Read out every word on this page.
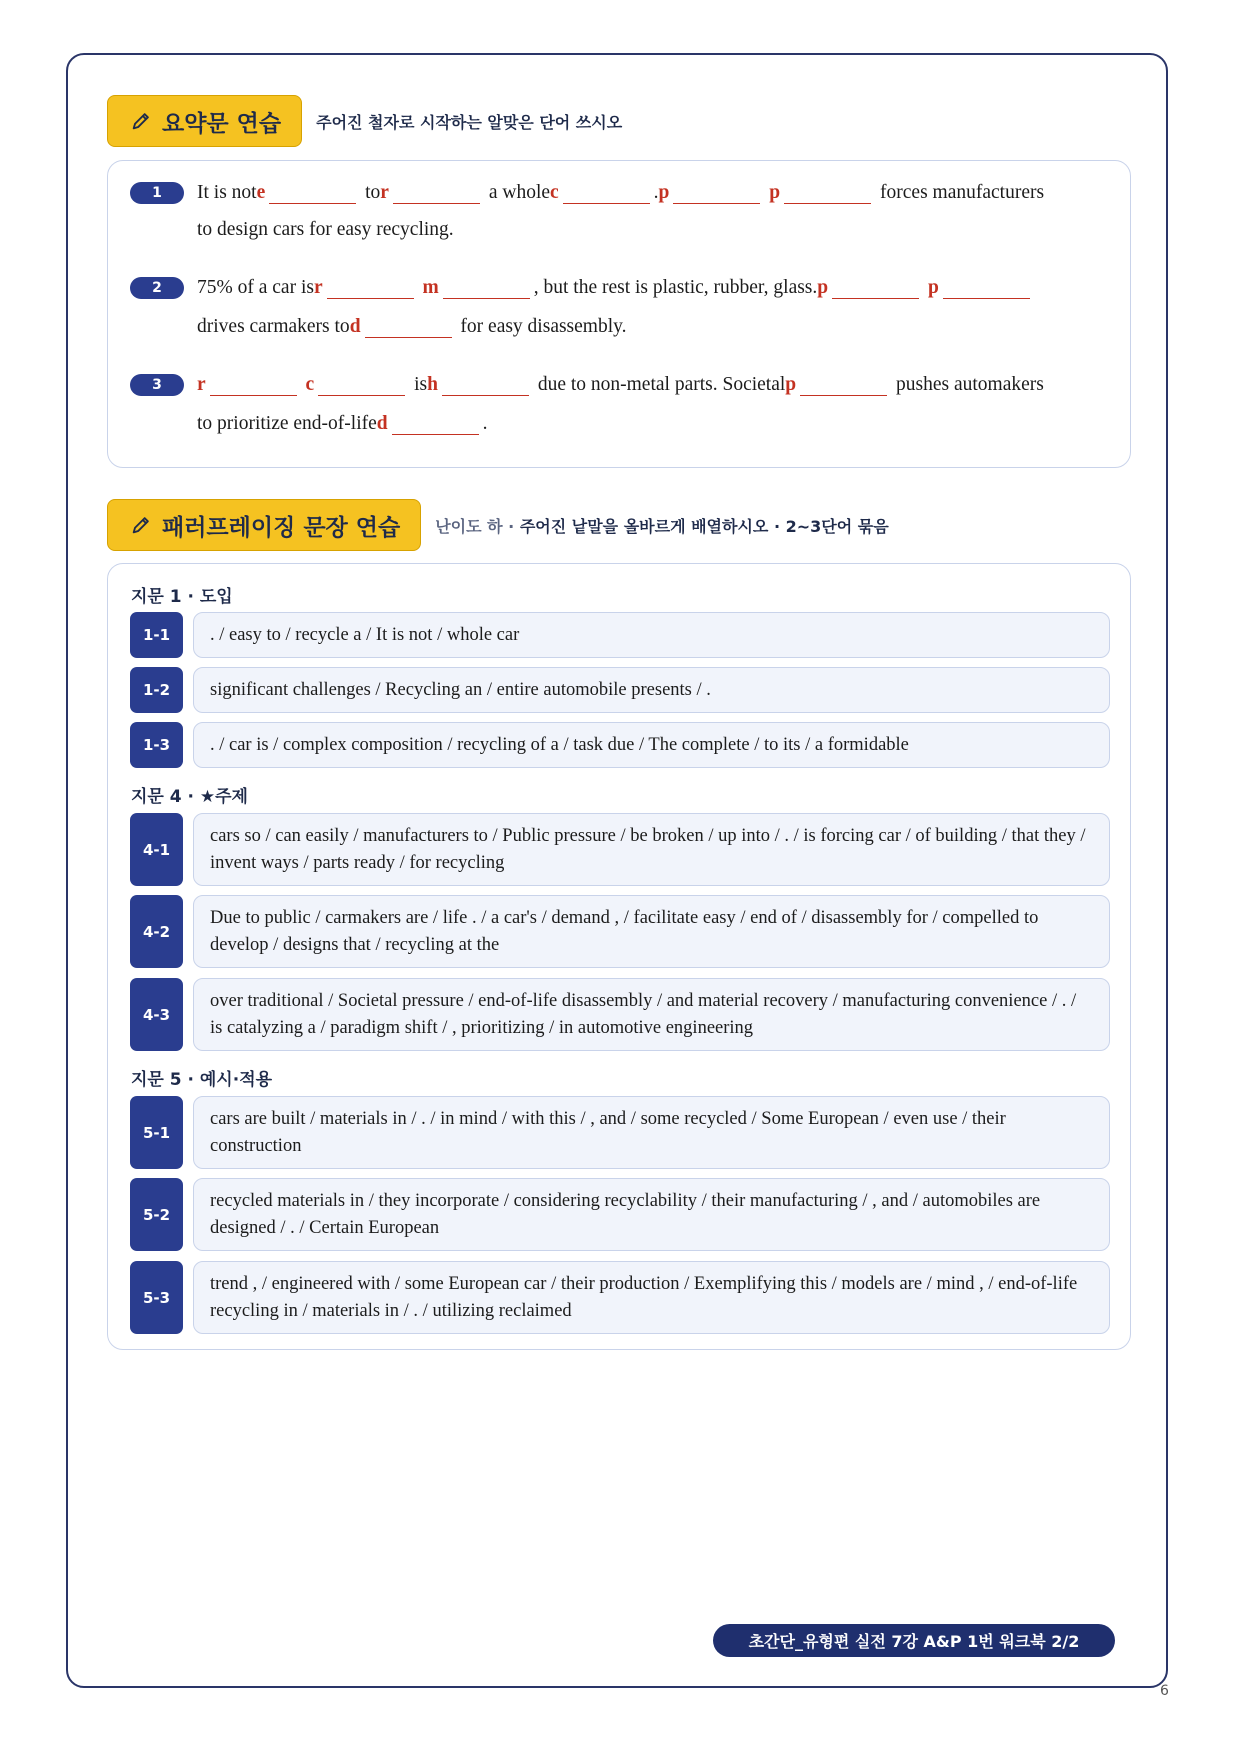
요약문 연습 주어진 철자로 시작하는 알맞은 단어 쓰시오
1	It is note	tor	a wholec	.p	p	forces manufacturers
to design cars for easy recycling.
2	75% of a car isr	m	, but the rest is plastic, rubber, glass.p	p
drives carmakers tod	for easy disassembly.
3	r	c	ish	due to non-metal parts. Societalp	pushes automakers
to prioritize end-of-lifed	.
패러프레이징 문장 연습 난이도 하 · 주어진 낱말을 올바르게 배열하시오 · 2~3단어 묶음
지문 1 · 도입
1-1	. / easy to / recycle a / It is not / whole car
1-2	significant challenges / Recycling an / entire automobile presents / .
1-3	. / car is / complex composition / recycling of a / task due / The complete / to its / a formidable
지문 4 · ★주제
4-1
cars so / can easily / manufacturers to / Public pressure / be broken / up into / . / is forcing car / of building / that they / invent ways / parts ready / for recycling
4-2
Due to public / carmakers are / life . / a car's / demand , / facilitate easy / end of / disassembly for / compelled to develop / designs that / recycling at the
4-3
over traditional / Societal pressure / end-of-life disassembly / and material recovery / manufacturing convenience / . / is catalyzing a / paradigm shift / , prioritizing / in automotive engineering
지문 5 · 예시·적용
5-1
cars are built / materials in / . / in mind / with this / , and / some recycled / Some European / even use / their construction
5-2
recycled materials in / they incorporate / considering recyclability / their manufacturing / , and / automobiles are designed / . / Certain European
5-3
trend , / engineered with / some European car / their production / Exemplifying this / models are / mind , / end-of-life recycling in / materials in / . / utilizing reclaimed
초간단_유형편 실전 7강 A&P 1번 워크북 2/2
6
